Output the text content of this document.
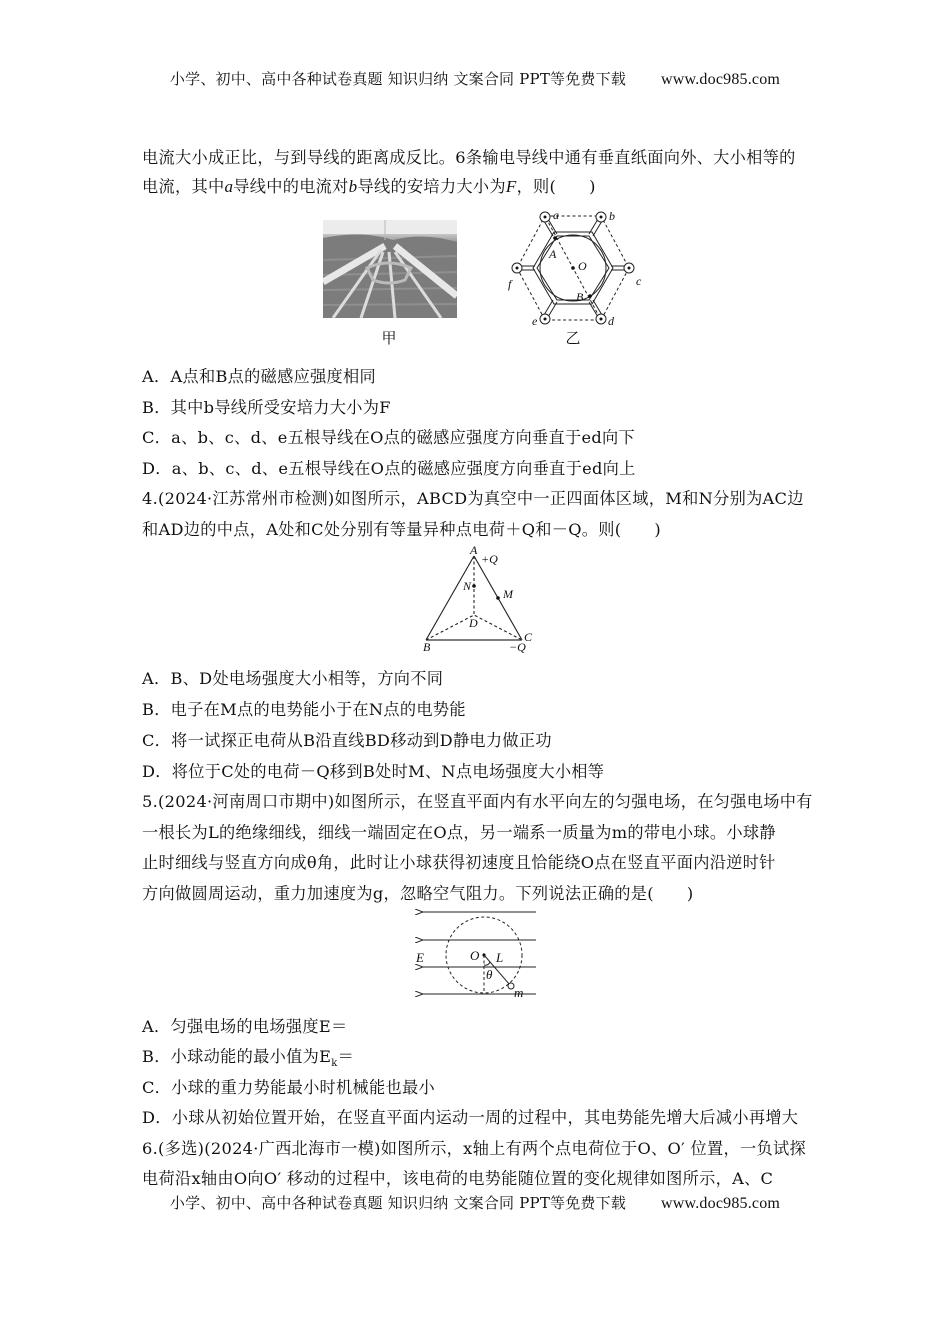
小学、初中、高中各种试卷真题 知识归纳 文案合同 PPT等免费下载 www.doc985.com
电流大小成正比，与到导线的距离成反比。6条输电导线中通有垂直纸面向外、大小相等的
电流，其中a导线中的电流对b导线的安培力大小为F，则(　　)
甲
a	b
c
d
e
f
A
O
B
乙
A．A点和B点的磁感应强度相同
B．其中b导线所受安培力大小为F
C．a、b、c、d、e五根导线在O点的磁感应强度方向垂直于ed向下
D．a、b、c、d、e五根导线在O点的磁感应强度方向垂直于ed向上
4.(2024·江苏常州市检测)如图所示，ABCD为真空中一正四面体区域，M和N分别为AC边
和AD边的中点，A处和C处分别有等量异种点电荷＋Q和－Q。则(　　)
A
+Q
N
M
D
B
C
−Q
A．B、D处电场强度大小相等，方向不同
B．电子在M点的电势能小于在N点的电势能
C．将一试探正电荷从B沿直线BD移动到D静电力做正功
D．将位于C处的电荷－Q移到B处时M、N点电场强度大小相等
5.(2024·河南周口市期中)如图所示，在竖直平面内有水平向左的匀强电场，在匀强电场中有
一根长为L的绝缘细线，细线一端固定在O点，另一端系一质量为m的带电小球。小球静
止时细线与竖直方向成θ角，此时让小球获得初速度且恰能绕O点在竖直平面内沿逆时针
方向做圆周运动，重力加速度为g，忽略空气阻力。下列说法正确的是(　　)
E	O L
θ
m
A．匀强电场的电场强度E＝
B．小球动能的最小值为$E_k=$
C．小球的重力势能最小时机械能也最小
D．小球从初始位置开始，在竖直平面内运动一周的过程中，其电势能先增大后减小再增大
6.(多选)(2024·广西北海市一模)如图所示，x轴上有两个点电荷位于O、O′ 位置，一负试探
电荷沿x轴由O向O′ 移动的过程中，该电荷的电势能随位置的变化规律如图所示，A、C
小学、初中、高中各种试卷真题 知识归纳 文案合同 PPT等免费下载 www.doc985.com
